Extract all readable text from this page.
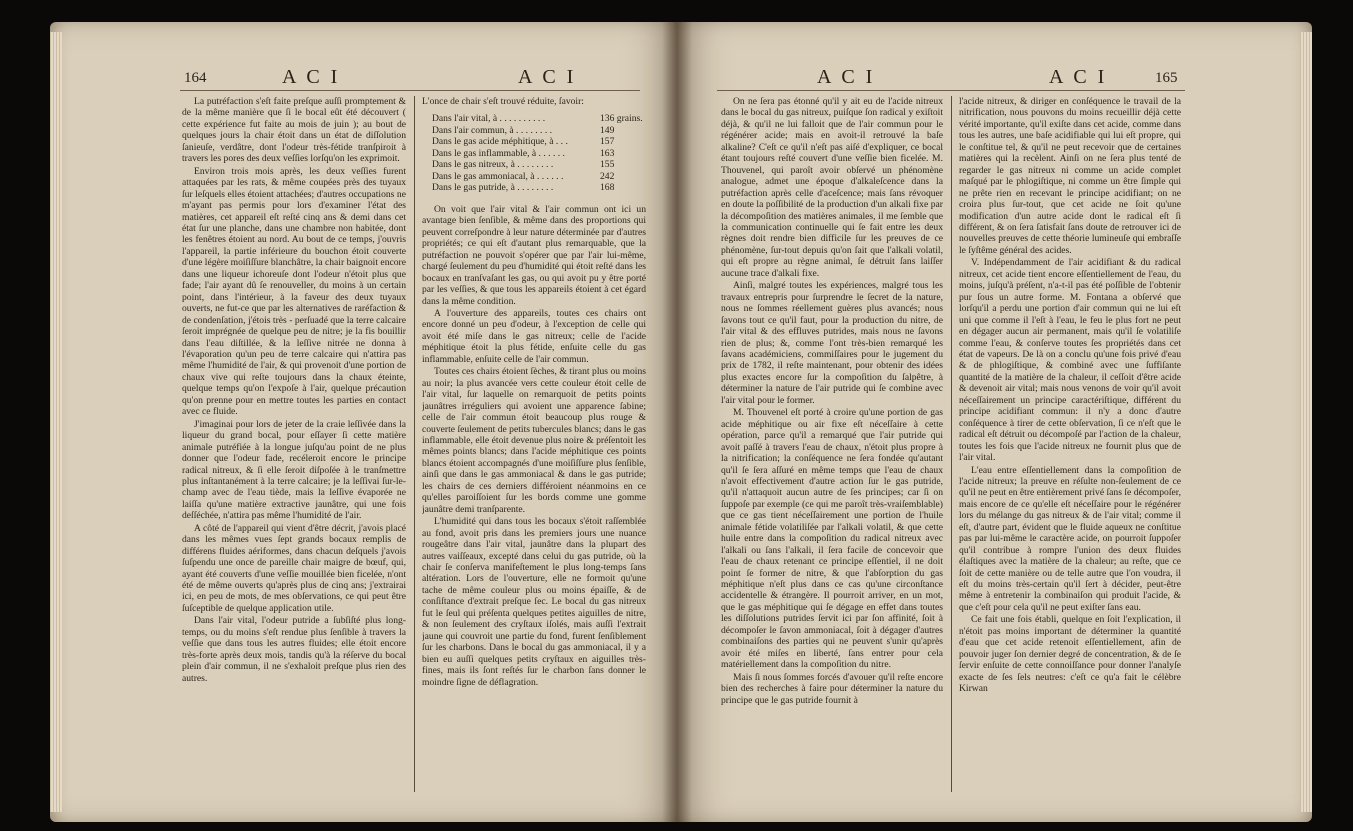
164	A C I	A C I

La putréfaction s'eſt faite preſque auſſi promptement & de la même manière que ſi le bocal eût été découvert ( cette expérience fut faite au mois de juin ); au bout de quelques jours la chair étoit dans un état de diſſolution ſanieuſe, verdâtre, dont l'odeur très-fétide tranſpiroit à travers les pores des deux veſſies lorſqu'on les exprimoit.

Environ trois mois après, les deux veſſies furent attaquées par les rats, & même coupées près des tuyaux ſur leſquels elles étoient attachées; d'autres occupations ne m'ayant pas permis pour lors d'examiner l'état des matières, cet appareil eſt reſté cinq ans & demi dans cet état ſur une planche, dans une chambre non habitée, dont les fenêtres étoient au nord. Au bout de ce temps, j'ouvris l'appareil, la partie inférieure du bouchon étoit couverte d'une légère moiſiſſure blanchâtre, la chair baignoit encore dans une liqueur ichoreuſe dont l'odeur n'étoit plus que fade; l'air ayant dû ſe renouveller, du moins à un certain point, dans l'intérieur, à la faveur des deux tuyaux ouverts, ne fut-ce que par les alternatives de raréfaction & de condenſation, j'étois très - perſuadé que la terre calcaire ſeroit imprégnée de quelque peu de nitre; je la fis bouillir dans l'eau diſtillée, & la leſſive nitrée ne donna à l'évaporation qu'un peu de terre calcaire qui n'attira pas même l'humidité de l'air, & qui provenoit d'une portion de chaux vive qui reſte toujours dans la chaux éteinte, quelque temps qu'on l'expoſe à l'air, quelque précaution qu'on prenne pour en mettre toutes les parties en contact avec ce fluide.

J'imaginai pour lors de jeter de la craie leſſivée dans la liqueur du grand bocal, pour eſſayer ſi cette matière animale putréfiée à la longue juſqu'au point de ne plus donner que l'odeur fade, recéleroit encore le principe radical nitreux, & ſi elle ſeroit diſpoſée à le tranſmettre plus inſtantanément à la terre calcaire; je la leſſivai ſur-le-champ avec de l'eau tiède, mais la leſſive évaporée ne laiſſa qu'une matière extractive jaunâtre, qui une fois deſſéchée, n'attira pas même l'humidité de l'air.

A côté de l'appareil qui vient d'être décrit, j'avois placé dans les mêmes vues ſept grands bocaux remplis de différens fluides aériformes, dans chacun deſquels j'avois ſuſpendu une once de pareille chair maigre de bœuf, qui, ayant été couverts d'une veſſie mouillée bien ficelée, n'ont été de même ouverts qu'après plus de cinq ans; j'extrairai ici, en peu de mots, de mes obſervations, ce qui peut être ſuſceptible de quelque application utile.

Dans l'air vital, l'odeur putride a ſubſiſté plus long-temps, ou du moins s'eſt rendue plus ſenſible à travers la veſſie que dans tous les autres fluides; elle étoit encore très-forte après deux mois, tandis qu'à la réſerve du bocal plein d'air commun, il ne s'exhaloit preſque plus rien des autres.

L'once de chair s'eſt trouvé réduite, ſavoir:

Dans l'air vital, à . . . . . . . . . .	136 grains.
Dans l'air commun, à . . . . . . . .	149
Dans le gas acide méphitique, à . . .	157
Dans le gas inflammable, à . . . . . .	163
Dans le gas nitreux, à . . . . . . . .	155
Dans le gas ammoniacal, à . . . . . .	242
Dans le gas putride, à . . . . . . . .	168

On voit que l'air vital & l'air commun ont ici un avantage bien ſenſible, & même dans des proportions qui peuvent correſpondre à leur nature déterminée par d'autres propriétés; ce qui eſt d'autant plus remarquable, que la putréfaction ne pouvoit s'opérer que par l'air lui-même, chargé ſeulement du peu d'humidité qui étoit reſté dans les bocaux en tranſvaſant les gas, ou qui avoit pu y être porté par les veſſies, & que tous les appareils étoient à cet égard dans la même condition.

A l'ouverture des appareils, toutes ces chairs ont encore donné un peu d'odeur, à l'exception de celle qui avoit été miſe dans le gas nitreux; celle de l'acide méphitique étoit la plus fétide, enſuite celle du gas inflammable, enſuite celle de l'air commun.

Toutes ces chairs étoient ſèches, & tirant plus ou moins au noir; la plus avancée vers cette couleur étoit celle de l'air vital, ſur laquelle on remarquoit de petits points jaunâtres irréguliers qui avoient une apparence ſabine; celle de l'air commun étoit beaucoup plus rouge & couverte ſeulement de petits tubercules blancs; dans le gas inflammable, elle étoit devenue plus noire & préſentoit les mêmes points blancs; dans l'acide méphitique ces points blancs étoient accompagnés d'une moiſiſſure plus ſenſible, ainſi que dans le gas ammoniacal & dans le gas putride; les chairs de ces derniers différoient néanmoins en ce qu'elles paroiſſoient ſur les bords comme une gomme jaunâtre demi tranſparente.

L'humidité qui dans tous les bocaux s'étoit raſſemblée au fond, avoit pris dans les premiers jours une nuance rougeâtre dans l'air vital, jaunâtre dans la plupart des autres vaiſſeaux, excepté dans celui du gas putride, où la chair ſe conſerva manifeſtement le plus long-temps ſans altération. Lors de l'ouverture, elle ne formoit qu'une tache de même couleur plus ou moins épaiſſe, & de conſiſtance d'extrait preſque ſec. Le bocal du gas nitreux fut le ſeul qui préſenta quelques petites aiguilles de nitre, & non ſeulement des cryſtaux iſolés, mais auſſi l'extrait jaune qui couvroit une partie du fond, furent ſenſiblement ſur les charbons. Dans le bocal du gas ammoniacal, il y a bien eu auſſi quelques petits cryſtaux en aiguilles très-fines, mais ils ſont reſtés ſur le charbon ſans donner le moindre ſigne de déflagration.

A C I	A C I	165

On ne ſera pas étonné qu'il y ait eu de l'acide nitreux dans le bocal du gas nitreux, puiſque ſon radical y exiſtoit déjà, & qu'il ne lui falloit que de l'air commun pour le régénérer acide; mais en avoit-il retrouvé la baſe alkaline? C'eſt ce qu'il n'eſt pas aiſé d'expliquer, ce bocal étant toujours reſté couvert d'une veſſie bien ficelée. M. Thouvenel, qui paroît avoir obſervé un phénomène analogue, admet une époque d'alkaleſcence dans la putréfaction après celle d'aceſcence; mais ſans révoquer en doute la poſſibilité de la production d'un alkali fixe par la décompoſition des matières animales, il me ſemble que la communication continuelle qui ſe fait entre les deux règnes doit rendre bien difficile ſur les preuves de ce phénomène, ſur-tout depuis qu'on ſait que l'alkali volatil, qui eſt propre au règne animal, ſe détruit ſans laiſſer aucune trace d'alkali fixe.

Ainſi, malgré toutes les expériences, malgré tous les travaux entrepris pour ſurprendre le ſecret de la nature, nous ne ſommes réellement guères plus avancés; nous ſavons tout ce qu'il faut, pour la production du nitre, de l'air vital & des effluves putrides, mais nous ne ſavons rien de plus; &, comme l'ont très-bien remarqué les ſavans académiciens, commiſſaires pour le jugement du prix de 1782, il reſte maintenant, pour obtenir des idées plus exactes encore ſur la compoſition du ſalpêtre, à déterminer la nature de l'air putride qui ſe combine avec l'air vital pour le former.

M. Thouvenel eſt porté à croire qu'une portion de gas acide méphitique ou air fixe eſt néceſſaire à cette opération, parce qu'il a remarqué que l'air putride qui avoit paſſé à travers l'eau de chaux, n'étoit plus propre à la nitrification; la conſéquence ne ſera fondée qu'autant qu'il ſe ſera aſſuré en même temps que l'eau de chaux n'avoit effectivement d'autre action ſur le gas putride, qu'il n'attaquoit aucun autre de ſes principes; car ſi on ſuppoſe par exemple (ce qui me paroît très-vraiſemblable) que ce gas tient néceſſairement une portion de l'huile animale fétide volatiliſée par l'alkali volatil, & que cette huile entre dans la compoſition du radical nitreux avec l'alkali ou ſans l'alkali, il ſera facile de concevoir que l'eau de chaux retenant ce principe eſſentiel, il ne doit point ſe former de nitre, & que l'abſorption du gas méphitique n'eſt plus dans ce cas qu'une circonſtance accidentelle & étrangère. Il pourroit arriver, en un mot, que le gas méphitique qui ſe dégage en effet dans toutes les diſſolutions putrides ſervit ici par ſon affinité, ſoit à décompoſer le ſavon ammoniacal, ſoit à dégager d'autres combinaiſons des parties qui ne peuvent s'unir qu'après avoir été miſes en liberté, ſans entrer pour cela matériellement dans la compoſition du nitre.

Mais ſi nous ſommes forcés d'avouer qu'il reſte encore bien des recherches à faire pour déterminer la nature du principe que le gas putride fournit à

l'acide nitreux, & diriger en conſéquence le travail de la nitrification, nous pouvons du moins recueillir déjà cette vérité importante, qu'il exiſte dans cet acide, comme dans tous les autres, une baſe acidifiable qui lui eſt propre, qui le conſtitue tel, & qu'il ne peut recevoir que de certaines matières qui la recèlent. Ainſi on ne ſera plus tenté de regarder le gas nitreux ni comme un acide complet maſqué par le phlogiſtique, ni comme un être ſimple qui ne prête rien en recevant le principe acidifiant; on ne croira plus ſur-tout, que cet acide ne ſoit qu'une modification d'un autre acide dont le radical eſt ſi différent, & on ſera ſatisfait ſans doute de retrouver ici de nouvelles preuves de cette théorie lumineuſe qui embraſſe le ſyſtême général des acides.

V. Indépendamment de l'air acidifiant & du radical nitreux, cet acide tient encore eſſentiellement de l'eau, du moins, juſqu'à préſent, n'a-t-il pas été poſſible de l'obtenir pur ſous un autre forme. M. Fontana a obſervé que lorſqu'il a perdu une portion d'air commun qui ne lui eſt uni que comme il l'eſt à l'eau, le feu le plus fort ne peut en dégager aucun air permanent, mais qu'il ſe volatiliſe comme l'eau, & conſerve toutes ſes propriétés dans cet état de vapeurs. De là on a conclu qu'une fois privé d'eau & de phlogiſtique, & combiné avec une ſuffiſante quantité de la matière de la chaleur, il ceſſoit d'être acide & devenoit air vital; mais nous venons de voir qu'il avoit néceſſairement un principe caractériſtique, différent du principe acidifiant commun: il n'y a donc d'autre conſéquence à tirer de cette obſervation, ſi ce n'eſt que le radical eſt détruit ou décompoſé par l'action de la chaleur, toutes les fois que l'acide nitreux ne fournit plus que de l'air vital.

L'eau entre eſſentiellement dans la compoſition de l'acide nitreux; la preuve en réſulte non-ſeulement de ce qu'il ne peut en être entièrement privé ſans ſe décompoſer, mais encore de ce qu'elle eſt néceſſaire pour le régénérer lors du mélange du gas nitreux & de l'air vital; comme il eſt, d'autre part, évident que le fluide aqueux ne conſtitue pas par lui-même le caractère acide, on pourroit ſuppoſer qu'il contribue à rompre l'union des deux fluides élaſtiques avec la matière de la chaleur; au reſte, que ce ſoit de cette manière ou de telle autre que l'on voudra, il eſt du moins très-certain qu'il ſert à décider, peut-être même à entretenir la combinaiſon qui produit l'acide, & que c'eſt pour cela qu'il ne peut exiſter ſans eau.

Ce fait une fois établi, quelque en ſoit l'explication, il n'étoit pas moins important de déterminer la quantité d'eau que cet acide retenoit eſſentiellement, afin de pouvoir juger ſon dernier degré de concentration, & de ſe ſervir enſuite de cette connoiſſance pour donner l'analyſe exacte de ſes ſels neutres: c'eſt ce qu'a fait le célèbre Kirwan
